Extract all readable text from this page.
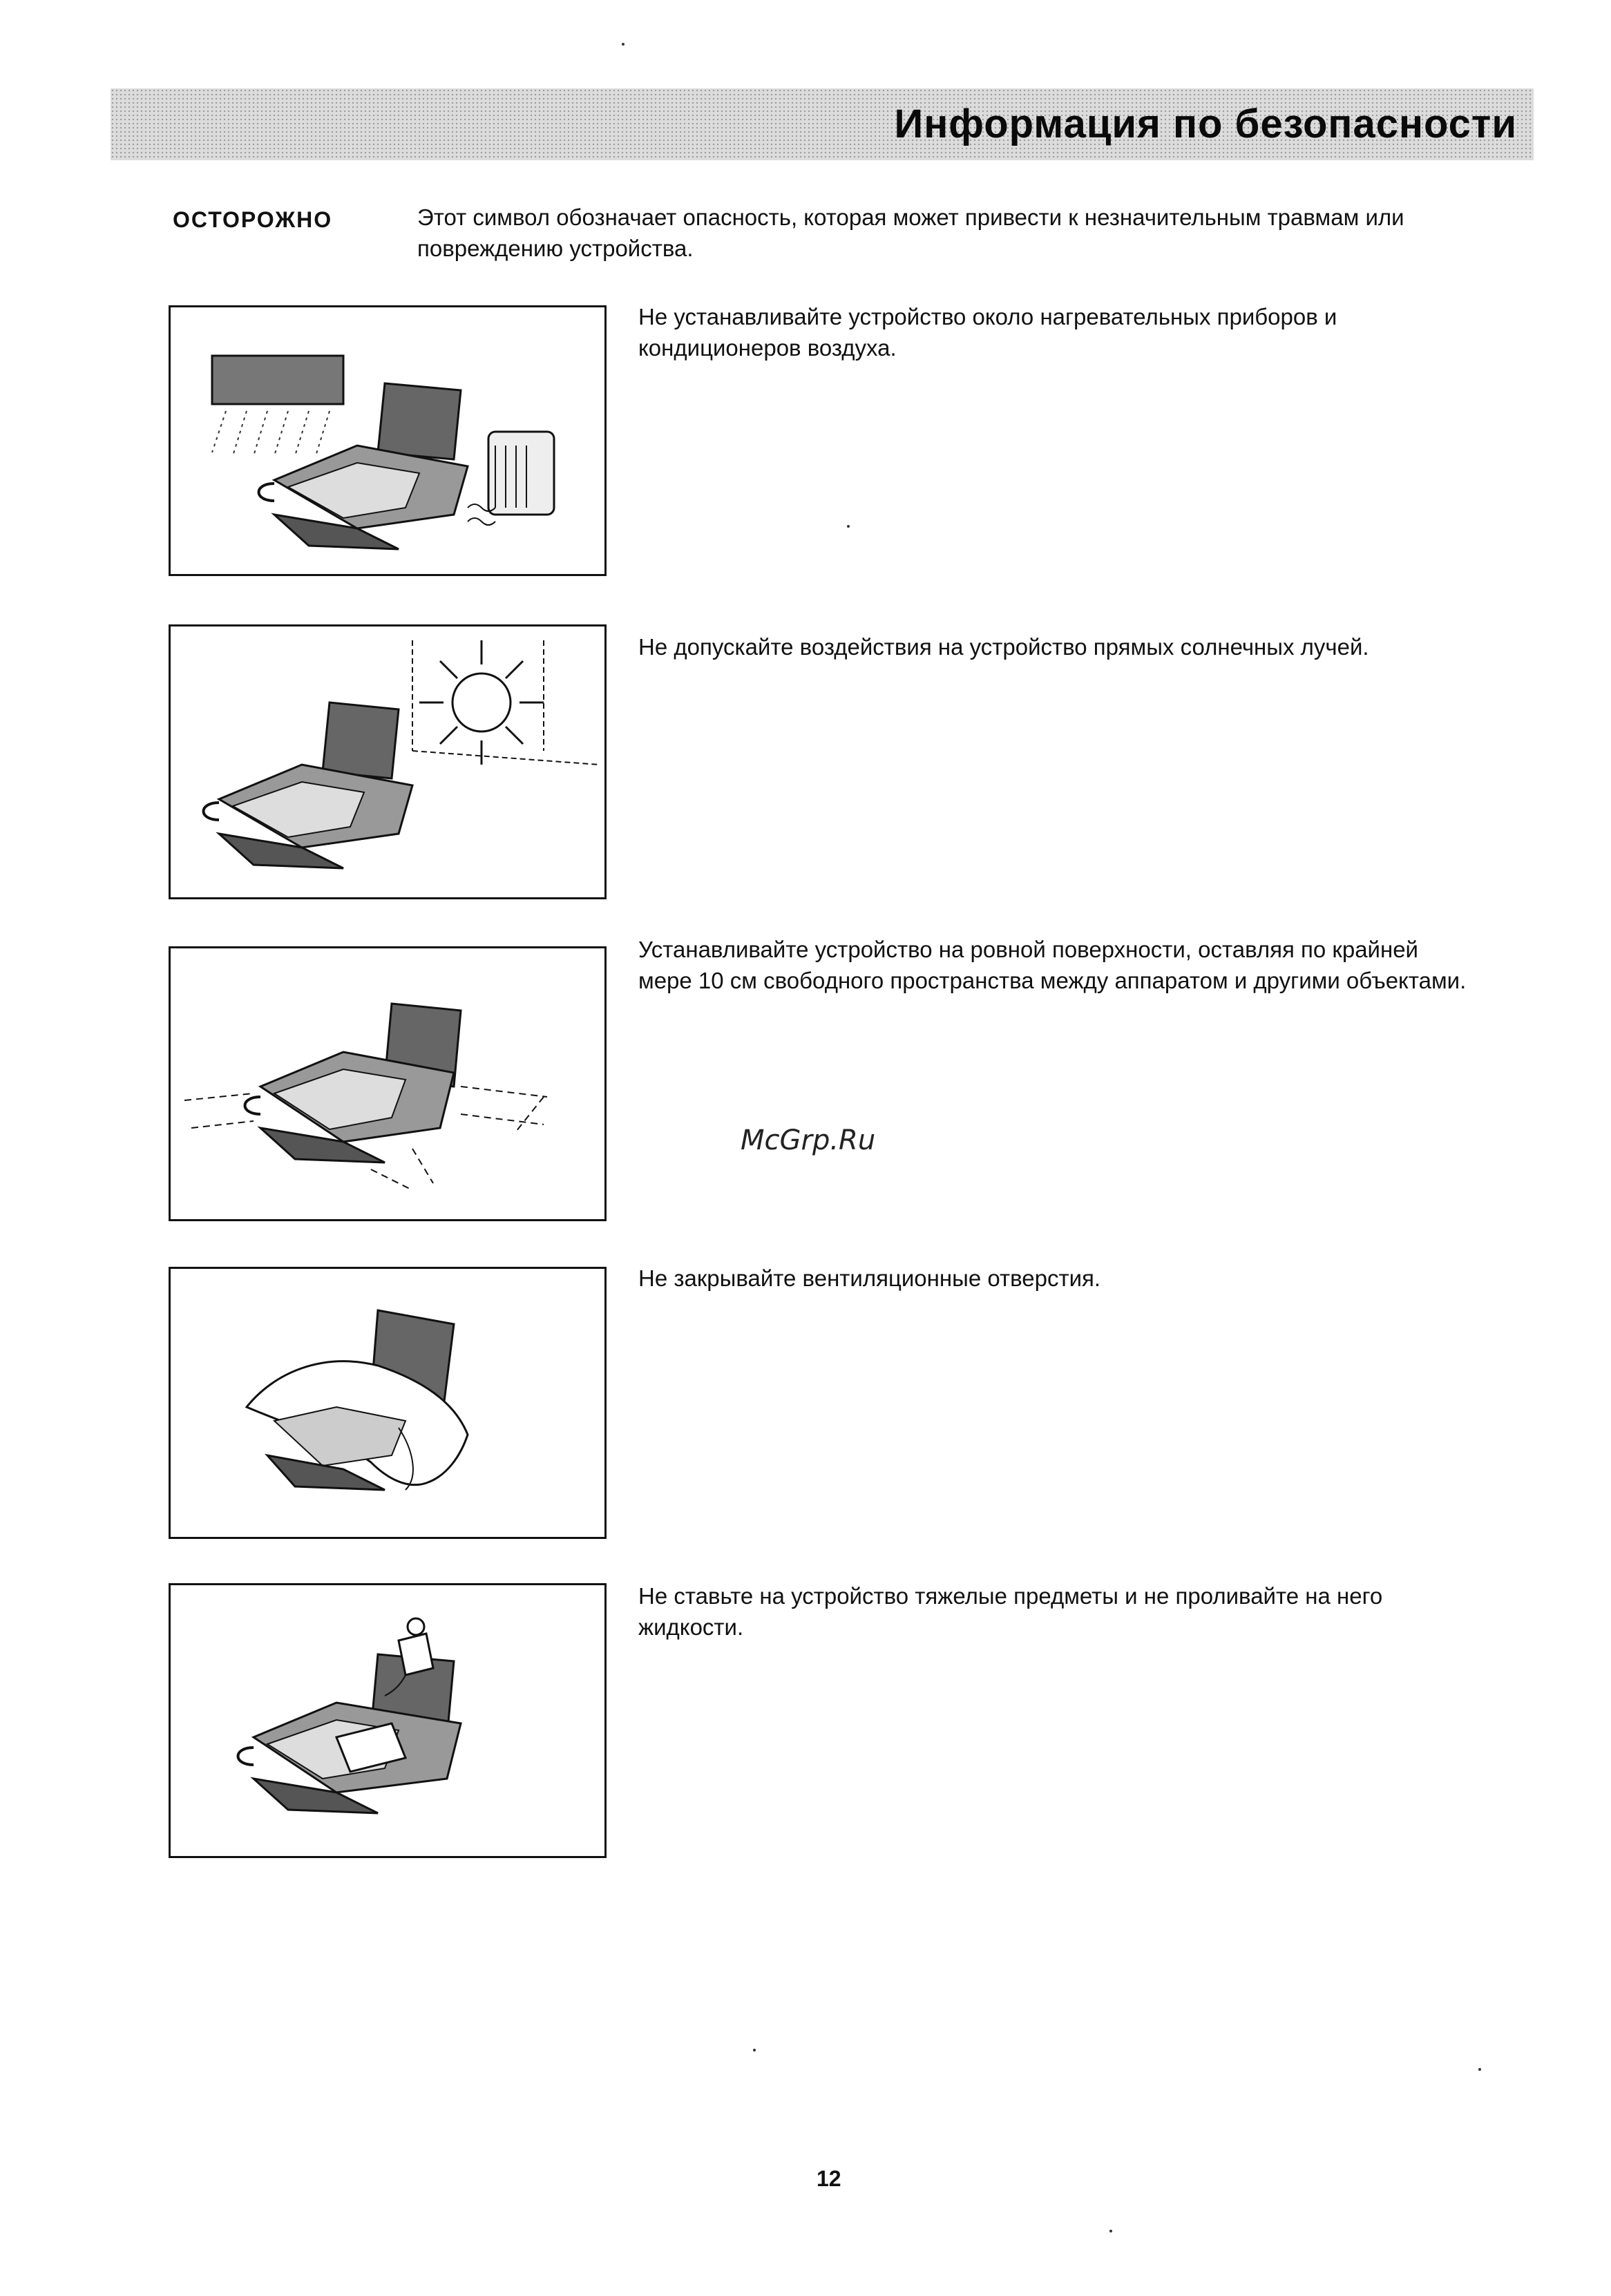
Информация по безопасности
ОСТОРОЖНО	Этот символ обозначает опасность, которая может привести к незначительным травмам или повреждению устройства.
Не устанавливайте устройство около нагревательных приборов и кондиционеров воздуха.
Не допускайте воздействия на устройство прямых солнечных лучей.
Устанавливайте устройство на ровной поверхности, оставляя по крайней мере 10 см свободного пространства между аппаратом и другими объектами.
Не закрывайте вентиляционные отверстия.
Не ставьте на устройство тяжелые предметы и не проливайте на него жидкости.
McGrp.Ru
12
